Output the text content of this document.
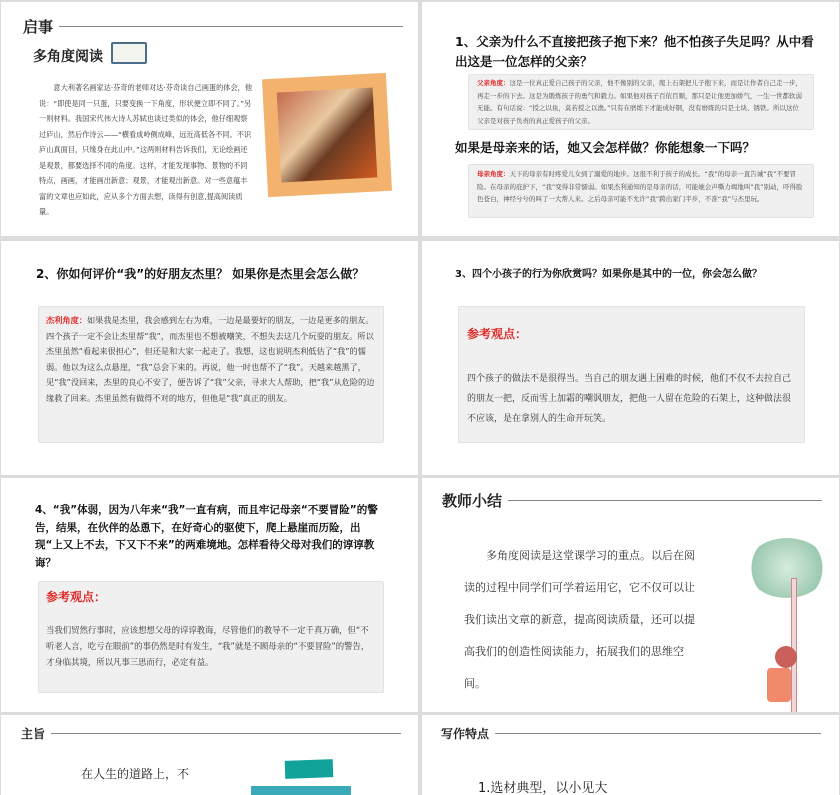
启事
多角度阅读
意大利著名画家达·芬奇的老师对达·芬奇谈自己画蛋的体会，他说：“即使是同一只蛋，只要变换一下角度，形状便立即不同了。”另一则材料。我国宋代伟大诗人苏轼也谈过类似的体会，他仔细观察过庐山，然后作诗云——“横看成岭侧成峰，远近高低各不同。不识庐山真面目，只缘身在此山中。”这两则材料告诉我们，无论绘画还是观景，都要选择不同的角度。这样，才能发现事物、景物的不同特点，画画，才能画出新意；观景，才能观出新意。对一些意蕴丰富的文章也应如此，应从多个方面去想，读得有创意,提高阅读质量。
1、父亲为什么不直接把孩子抱下来？他不怕孩子失足吗？从中看出这是一位怎样的父亲？
父亲角度：这是一位真正爱自己孩子的父亲，他不像别的父亲，爬上石架把儿子抱下来，而是让作者自己走一步，再走一步的下去。这是为锻炼孩子的勇气和毅力。如果他对孩子百依百顺，那只是让他更加娇气，一生一世都软弱无能。有句话说：“授之以鱼，莫若授之以渔。”只有在磨练下才能成好钢，没有磨练的只是土块、锈铁。所以这位父亲是对孩子负责的真正爱孩子的父亲。
如果是母亲来的话，她又会怎样做？你能想象一下吗？
母亲角度：天下的母亲有时疼爱儿女到了溺爱的地步。这很不利于孩子的成长。“我”的母亲一直告诫“我”不要冒险。在母亲的庇护下，“我”变得非常懦弱。如果杰利通知的是母亲的话，可能她会声嘶力竭地叫“我”别动，吓得脸色苍白，神经兮兮的叫了一大帮人来。之后母亲可能不允许“我”跨出家门半步，不准“我”与杰里玩。
2、你如何评价“我”的好朋友杰里？ 如果你是杰里会怎么做？
杰利角度：如果我是杰里，我会感到左右为难，一边是最要好的朋友，一边是更多的朋友。四个孩子一定不会让杰里帮“我”，而杰里也不想被嘲笑，不想失去这几个玩耍的朋友。所以杰里虽然“看起来很担心”，但还是和大家一起走了。我想，这也说明杰利低估了“我”的懦弱。他以为这么点悬崖，“我”总会下来的。再说，他一时也帮不了“我”。天越来越黑了，见“我”没回来，杰里的良心不安了，便告诉了“我”父亲，寻求大人帮助，把“我”从危险的边缘救了回来。杰里虽然有做得不对的地方，但他是“我”真正的朋友。
3、四个小孩子的行为你欣赏吗？如果你是其中的一位，你会怎么做？
参考观点：
四个孩子的做法不是很得当。当自己的朋友遇上困难的时候，他们不仅不去拉自己的朋友一把，反而雪上加霜的嘲讽朋友，把他一人留在危险的石架上，这种做法很不应该，是在拿别人的生命开玩笑。
4、“我”体弱，因为八年来“我”一直有病，而且牢记母亲“不要冒险”的警告，结果，在伙伴的怂恿下，在好奇心的驱使下，爬上悬崖而历险，出现“上又上不去，下又下不来”的两难境地。怎样看待父母对我们的谆谆教诲？
参考观点：
当我们贸然行事时，应该想想父母的谆谆教诲，尽管他们的教导不一定千真万确，但“不听老人言，吃亏在眼前”的事仍然是时有发生，“我”就是不顾母亲的“不要冒险”的警告，才身临其境，所以凡事三思而行，必定有益。
教师小结
多角度阅读是这堂课学习的重点。以后在阅读的过程中同学们可学着运用它，它不仅可以让我们读出文章的新意，提高阅读质量，还可以提高我们的创造性阅读能力，拓展我们的思维空间。
主旨
在人生的道路上，不
写作特点
1.选材典型，以小见大
